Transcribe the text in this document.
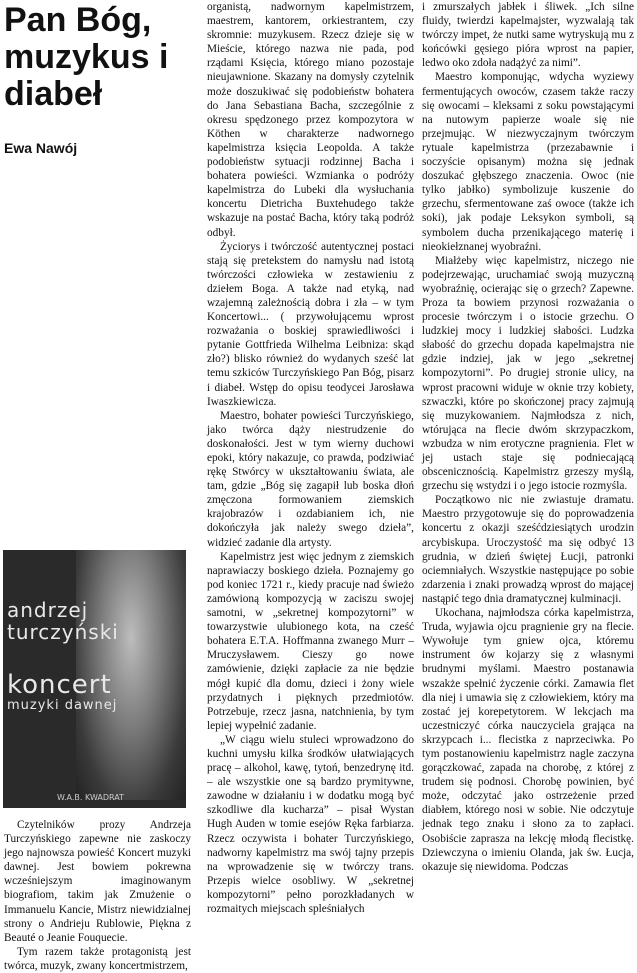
Pan Bóg, muzykus i diabeł
Ewa Nawój
andrzej
turczyński
koncert
muzyki dawnej
W.A.B. KWADRAT

Czytelników prozy Andrzeja Turczyńskiego zapewne nie zaskoczy jego najnowsza powieść Koncert muzyki dawnej. Jest bowiem pokrewna wcześniejszym imaginowanym biografiom, takim jak Zmużenie o Immanuelu Kancie, Mistrz niewidzialnej strony o Andrieju Rublowie, Piękna z Beauté o Jeanie Fouquecie.

Tym razem także protagonistą jest twórca, muzyk, zwany koncertmistrzem,

organistą, nadwornym kapelmistrzem, maestrem, kantorem, orkiestrantem, czy skromnie: muzykusem. Rzecz dzieje się w Mieście, którego nazwa nie pada, pod rządami Księcia, którego miano pozostaje nieujawnione. Skazany na domysły czytelnik może doszukiwać się podobieństw bohatera do Jana Sebastiana Bacha, szczególnie z okresu spędzonego przez kompozytora w Köthen w charakterze nadwornego kapelmistrza księcia Leopolda. A także podobieństw sytuacji rodzinnej Bacha i bohatera powieści. Wzmianka o podróży kapelmistrza do Lubeki dla wysłuchania koncertu Dietricha Buxtehudego także wskazuje na postać Bacha, który taką podróż odbył.

Życiorys i twórczość autentycznej postaci stają się pretekstem do namysłu nad istotą twórczości człowieka w zestawieniu z dziełem Boga. A także nad etyką, nad wzajemną zależnością dobra i zła – w tym Koncertowi... ( przywołującemu wprost rozważania o boskiej sprawiedliwości i pytanie Gottfrieda Wilhelma Leibniza: skąd zło?) blisko również do wydanych sześć lat temu szkiców Turczyńskiego Pan Bóg, pisarz i diabeł. Wstęp do opisu teodycei Jarosława Iwaszkiewicza.

Maestro, bohater powieści Turczyńskiego, jako twórca dąży niestrudzenie do doskonałości. Jest w tym wierny duchowi epoki, który nakazuje, co prawda, podziwiać rękę Stwórcy w ukształtowaniu świata, ale tam, gdzie „Bóg się zagapił lub boska dłoń zmęczona formowaniem ziemskich krajobrazów i ozdabianiem ich, nie dokończyła jak należy swego dzieła”, widzieć zadanie dla artysty.

Kapelmistrz jest więc jednym z ziemskich naprawiaczy boskiego dzieła. Poznajemy go pod koniec 1721 r., kiedy pracuje nad świeżo zamówioną kompozycją w zaciszu swojej samotni, w „sekretnej kompozytorni” w towarzystwie ulubionego kota, na cześć bohatera E.T.A. Hoffmanna zwanego Murr – Mruczysławem. Cieszy go nowe zamówienie, dzięki zapłacie za nie będzie mógł kupić dla domu, dzieci i żony wiele przydatnych i pięknych przedmiotów. Potrzebuje, rzecz jasna, natchnienia, by tym lepiej wypełnić zadanie.

„W ciągu wielu stuleci wprowadzono do kuchni umysłu kilka środków ułatwiających pracę – alkohol, kawę, tytoń, benzedrynę itd. – ale wszystkie one są bardzo prymitywne, zawodne w działaniu i w dodatku mogą być szkodliwe dla kucharza” – pisał Wystan Hugh Auden w tomie esejów Ręka farbiarza. Rzecz oczywista i bohater Turczyńskiego, nadworny kapelmistrz ma swój tajny przepis na wprowadzenie się w twórczy trans. Przepis wielce osobliwy. W „sekretnej kompozytorni” pełno porozkładanych w rozmaitych miejscach spleśniałych

i zmurszałych jabłek i śliwek. „Ich silne fluidy, twierdzi kapelmajster, wyzwalają tak twórczy impet, że nutki same wytryskują mu z końcówki gęsiego pióra wprost na papier, ledwo oko zdoła nadążyć za nimi”.

Maestro komponując, wdycha wyziewy fermentujących owoców, czasem także raczy się owocami – kleksami z soku powstającymi na nutowym papierze woale się nie przejmując. W niezwyczajnym twórczym rytuale kapelmistrza (przezabawnie i soczyście opisanym) można się jednak doszukać głębszego znaczenia. Owoc (nie tylko jabłko) symbolizuje kuszenie do grzechu, sfermentowane zaś owoce (także ich soki), jak podaje Leksykon symboli, są symbolem ducha przenikającego materię i nieokiełznanej wyobraźni.

Miałżeby więc kapelmistrz, niczego nie podejrzewając, uruchamiać swoją muzyczną wyobraźnię, ocierając się o grzech? Zapewne. Proza ta bowiem przynosi rozważania o procesie twórczym i o istocie grzechu. O ludzkiej mocy i ludzkiej słabości. Ludzka słabość do grzechu dopada kapelmajstra nie gdzie indziej, jak w jego „sekretnej kompozytorni”. Po drugiej stronie ulicy, na wprost pracowni widuje w oknie trzy kobiety, szwaczki, które po skończonej pracy zajmują się muzykowaniem. Najmłodsza z nich, wtórująca na flecie dwóm skrzypaczkom, wzbudza w nim erotyczne pragnienia. Flet w jej ustach staje się podniecającą obscenicznością. Kapelmistrz grzeszy myślą, grzechu się wstydzi i o jego istocie rozmyśla.

Początkowo nic nie zwiastuje dramatu. Maestro przygotowuje się do poprowadzenia koncertu z okazji sześćdziesiątych urodzin arcybiskupa. Uroczystość ma się odbyć 13 grudnia, w dzień świętej Łucji, patronki ociemniałych. Wszystkie następujące po sobie zdarzenia i znaki prowadzą wprost do mającej nastąpić tego dnia dramatycznej kulminacji.

Ukochana, najmłodsza córka kapelmistrza, Truda, wyjawia ojcu pragnienie gry na flecie. Wywołuje tym gniew ojca, któremu instrument ów kojarzy się z własnymi brudnymi myślami. Maestro postanawia wszakże spełnić życzenie córki. Zamawia flet dla niej i umawia się z człowiekiem, który ma zostać jej korepetytorem. W lekcjach ma uczestniczyć córka nauczyciela grająca na skrzypcach i... flecistka z naprzeciwka. Po tym postanowieniu kapelmistrz nagle zaczyna gorączkować, zapada na chorobę, z której z trudem się podnosi. Chorobę powinien, być może, odczytać jako ostrzeżenie przed diabłem, którego nosi w sobie. Nie odczytuje jednak tego znaku i słono za to zapłaci. Osobiście zaprasza na lekcję młodą flecistkę. Dziewczyna o imieniu Olanda, jak św. Łucja, okazuje się niewidoma. Podczas
